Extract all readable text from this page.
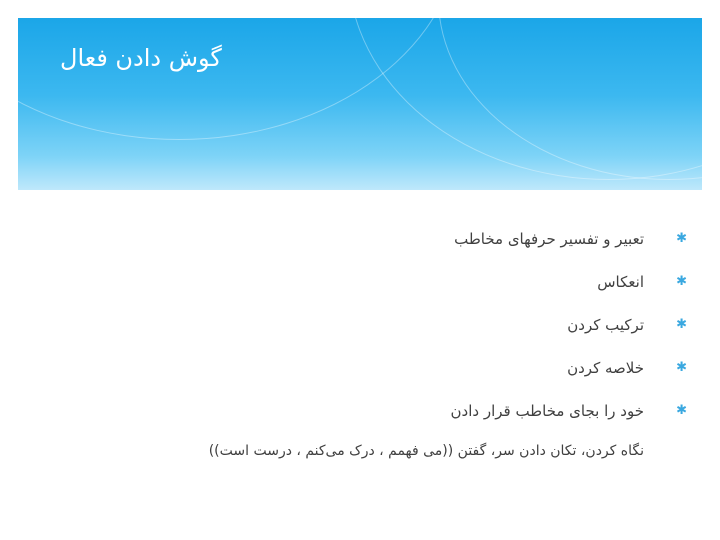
گوش دادن فعال
✱
تعبیر و تفسیر حرفهای مخاطب
✱
انعکاس
✱
ترکیب کردن
✱
خلاصه کردن
✱
خود را بجای مخاطب قرار دادن
نگاه کردن، تکان دادن سر، گفتن ((می فهمم ، درک می‌کنم ، درست است))
